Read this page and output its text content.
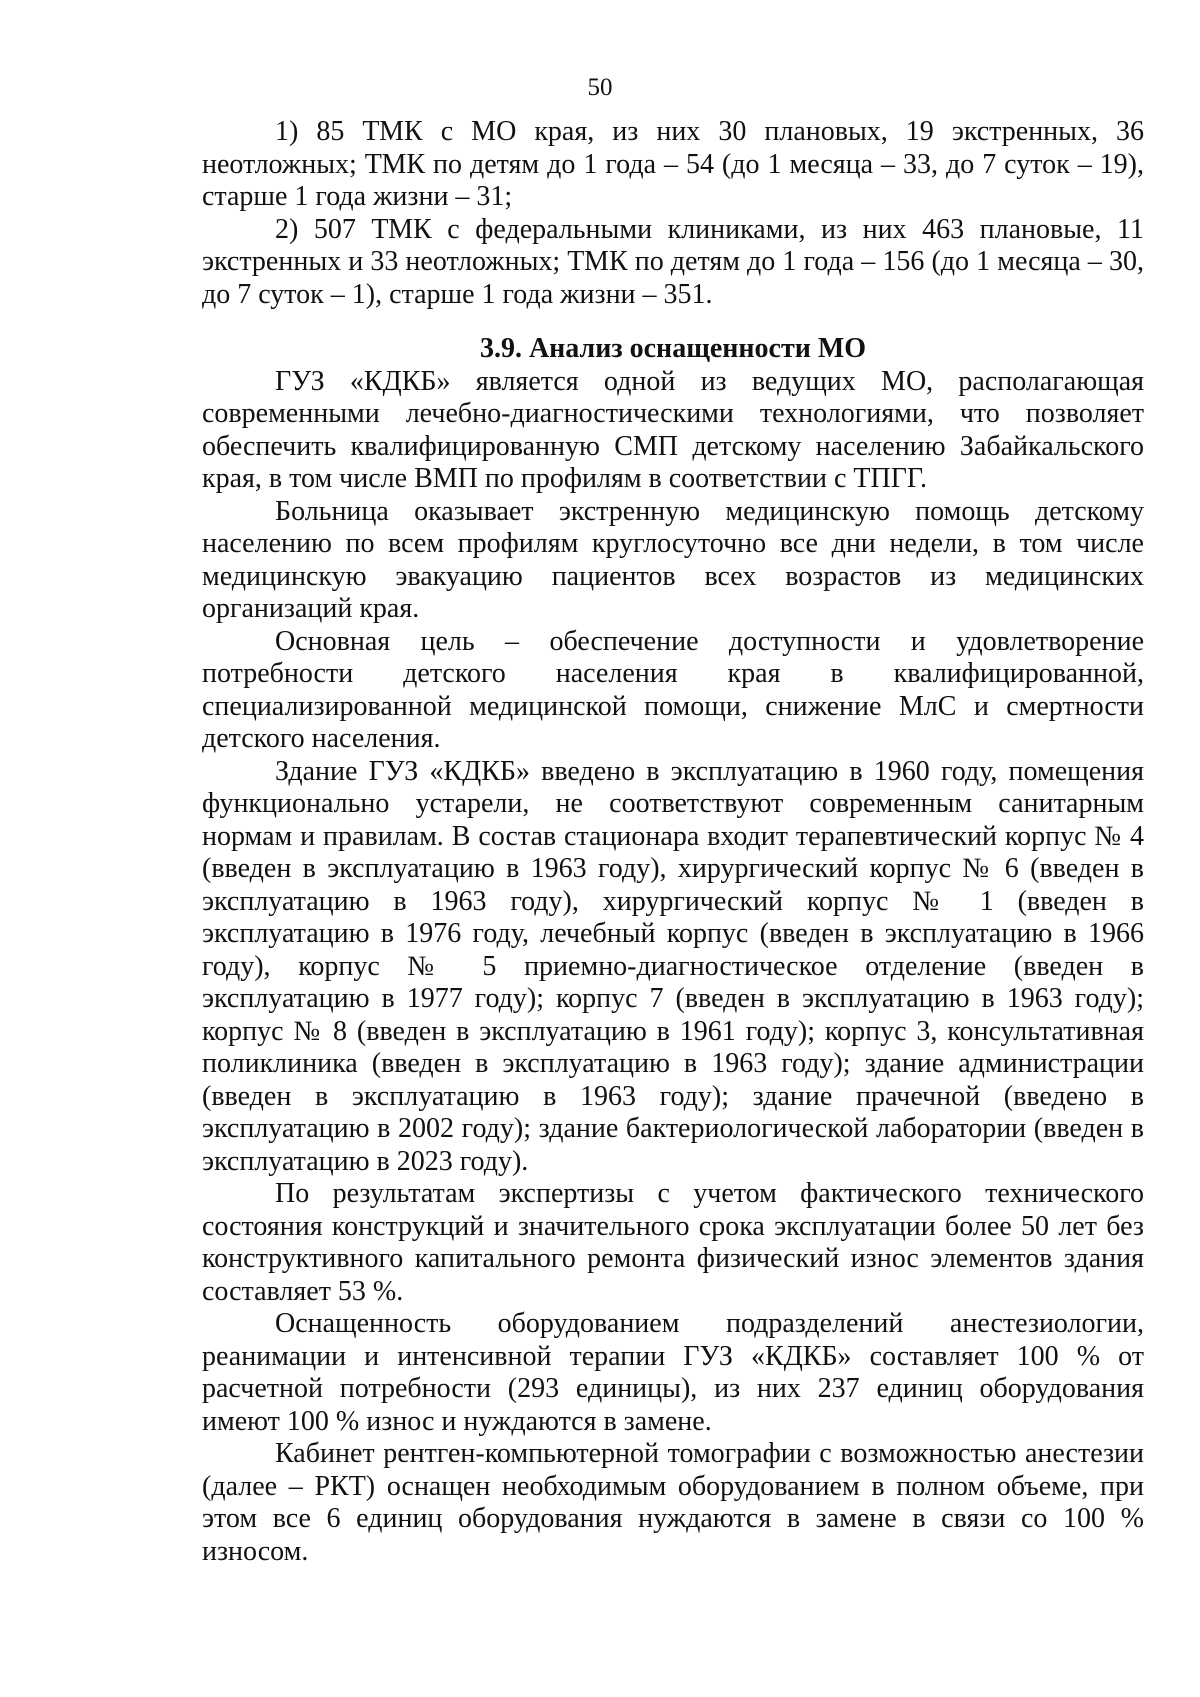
50

1) 85 ТМК с МО края, из них 30 плановых, 19 экстренных, 36 неотложных; ТМК по детям до 1 года – 54 (до 1 месяца – 33, до 7 суток – 19), старше 1 года жизни – 31;

2) 507 ТМК с федеральными клиниками, из них 463 плановые, 11 экстренных и 33 неотложных; ТМК по детям до 1 года – 156 (до 1 месяца – 30, до 7 суток – 1), старше 1 года жизни – 351.

3.9. Анализ оснащенности МО

ГУЗ «КДКБ» является одной из ведущих МО, располагающая современными лечебно-диагностическими технологиями, что позволяет обеспечить квалифицированную СМП детскому населению Забайкальского края, в том числе ВМП по профилям в соответствии с ТПГГ.

Больница оказывает экстренную медицинскую помощь детскому населению по всем профилям круглосуточно все дни недели, в том числе медицинскую эвакуацию пациентов всех возрастов из медицинских организаций края.

Основная цель – обеспечение доступности и удовлетворение потребности детского населения края в квалифицированной, специализированной медицинской помощи, снижение МлС и смертности детского населения.

Здание ГУЗ «КДКБ» введено в эксплуатацию в 1960 году, помещения функционально устарели, не соответствуют современным санитарным нормам и правилам. В состав стационара входит терапевтический корпус № 4 (введен в эксплуатацию в 1963 году), хирургический корпус № 6 (введен в эксплуатацию в 1963 году), хирургический корпус № 1 (введен в эксплуатацию в 1976 году, лечебный корпус (введен в эксплуатацию в 1966 году), корпус № 5 приемно-диагностическое отделение (введен в эксплуатацию в 1977 году); корпус 7 (введен в эксплуатацию в 1963 году); корпус № 8 (введен в эксплуатацию в 1961 году); корпус 3, консультативная поликлиника (введен в эксплуатацию в 1963 году); здание администрации (введен в эксплуатацию в 1963 году); здание прачечной (введено в эксплуатацию в 2002 году); здание бактериологической лаборатории (введен в эксплуатацию в 2023 году).

По результатам экспертизы с учетом фактического технического состояния конструкций и значительного срока эксплуатации более 50 лет без конструктивного капитального ремонта физический износ элементов здания составляет 53 %.

Оснащенность оборудованием подразделений анестезиологии, реанимации и интенсивной терапии ГУЗ «КДКБ» составляет 100 % от расчетной потребности (293 единицы), из них 237 единиц оборудования имеют 100 % износ и нуждаются в замене.

Кабинет рентген-компьютерной томографии с возможностью анестезии (далее – РКТ) оснащен необходимым оборудованием в полном объеме, при этом все 6 единиц оборудования нуждаются в замене в связи со 100 % износом.
